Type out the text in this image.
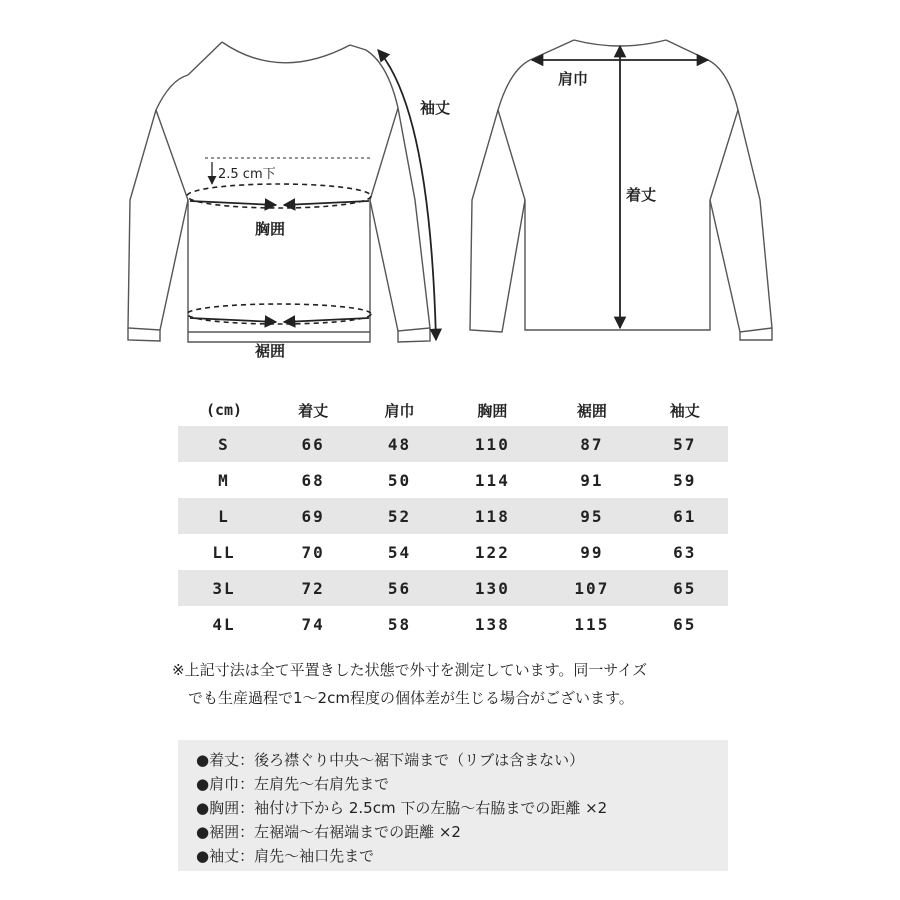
2.5 cm下
胸囲
裾囲
袖丈
肩巾
着丈
(cm)	着丈	肩巾	胸囲	裾囲	袖丈
S	66	48	110	87	57
M	68	50	114	91	59
L	69	52	118	95	61
LL	70	54	122	99	63
3L	72	56	130	107	65
4L	74	58	138	115	65
※上記寸法は全て平置きした状態で外寸を測定しています。同一サイズ
でも生産過程で1〜2cm程度の個体差が生じる場合がございます。
●着丈：後ろ襟ぐり中央〜裾下端まで（リブは含まない）
●肩巾：左肩先〜右肩先まで
●胸囲：袖付け下から 2.5cm 下の左脇〜右脇までの距離 ×2
●裾囲：左裾端〜右裾端までの距離 ×2
●袖丈：肩先〜袖口先まで
